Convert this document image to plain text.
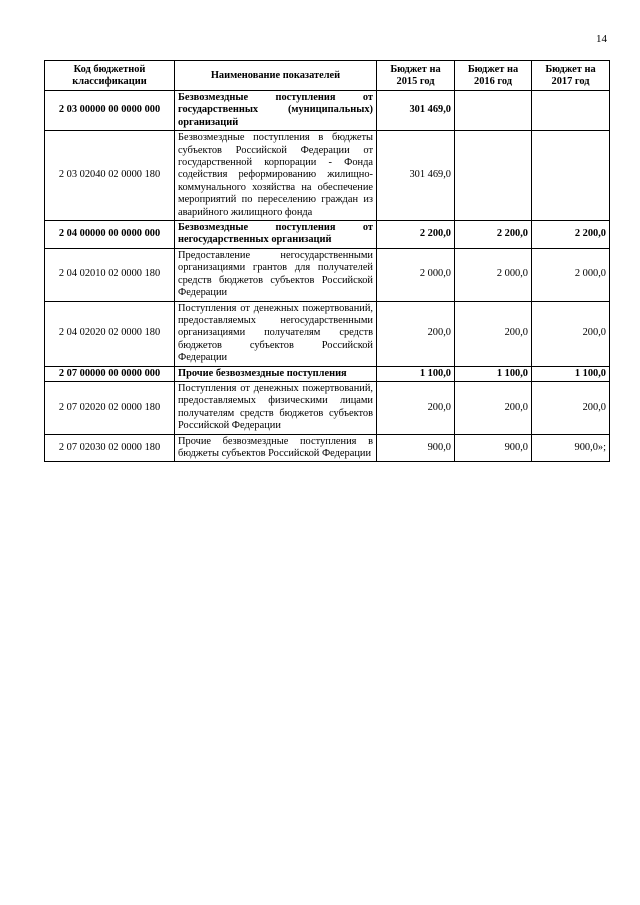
14
Код бюджетной классификации	Наименование показателей	Бюджет на 2015 год	Бюджет на 2016 год	Бюджет на 2017 год
2 03 00000 00 0000 000	Безвозмездные поступления от государственных (муниципальных) организаций	301 469,0		
2 03 02040 02 0000 180	Безвозмездные поступления в бюджеты субъектов Российской Федерации от государственной корпорации - Фонда содействия реформированию жилищно-коммунального хозяйства на обеспечение мероприятий по переселению граждан из аварийного жилищного фонда	301 469,0		
2 04 00000 00 0000 000	Безвозмездные поступления от негосударственных организаций	2 200,0	2 200,0	2 200,0
2 04 02010 02 0000 180	Предоставление негосударственными организациями грантов для получателей средств бюджетов субъектов Российской Федерации	2 000,0	2 000,0	2 000,0
2 04 02020 02 0000 180	Поступления от денежных пожертвований, предоставляемых негосударственными организациями получателям средств бюджетов субъектов Российской Федерации	200,0	200,0	200,0
2 07 00000 00 0000 000	Прочие безвозмездные поступления	1 100,0	1 100,0	1 100,0
2 07 02020 02 0000 180	Поступления от денежных пожертвований, предоставляемых физическими лицами получателям средств бюджетов субъектов Российской Федерации	200,0	200,0	200,0
2 07 02030 02 0000 180	Прочие безвозмездные поступления в бюджеты субъектов Российской Федерации	900,0	900,0	900,0»;
